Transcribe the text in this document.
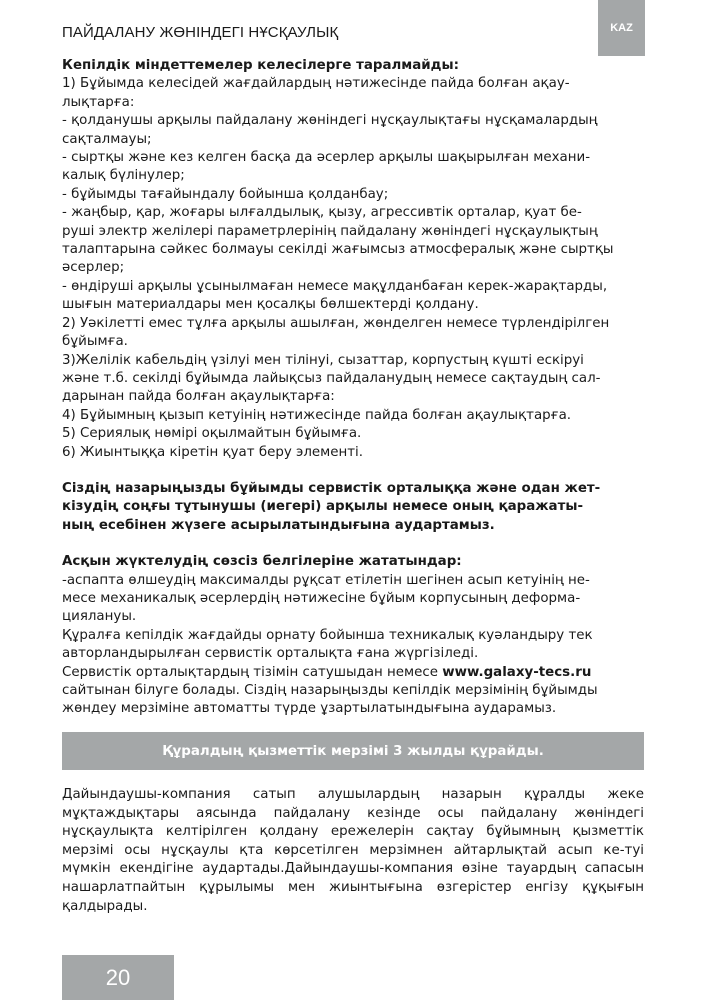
ПАЙДАЛАНУ ЖӨНІНДЕГІ НҰСҚАУЛЫҚ	KAZ

Кепілдік міндеттемелер келесілерге таралмайды:

1) Бұйымда келесідей жағдайлардың нәтижесінде пайда болған ақау-

лықтарға:

- қолданушы арқылы пайдалану жөніндегі нұсқаулықтағы нұсқамалардың

сақталмауы;

- сыртқы және кез келген басқа да әсерлер арқылы шақырылған механи-

калық бүлінулер;

- бұйымды тағайындалу бойынша қолданбау;

- жаңбыр, қар, жоғары ылғалдылық, қызу, агрессивтік орталар, қуат бе-

руші электр желілері параметрлерінің пайдалану жөніндегі нұсқаулықтың

талаптарына сәйкес болмауы секілді жағымсыз атмосфералық және сыртқы

әсерлер;

- өндіруші арқылы ұсынылмаған немесе мақұлданбаған керек-жарақтарды,

шығын материалдары мен қосалқы бөлшектерді қолдану.

2) Уәкілетті емес тұлға арқылы ашылған, жөнделген немесе түрлендірілген

бұйымға.

3)Желілік кабельдің үзілуі мен тілінуі, сызаттар, корпустың күшті ескіруі

және т.б. секілді бұйымда лайықсыз пайдаланудың немесе сақтаудың сал-

дарынан пайда болған ақаулықтарға:

4) Бұйымның қызып кетуінің нәтижесінде пайда болған ақаулықтарға.

5) Сериялық нөмірі оқылмайтын бұйымға.

6) Жиынтыққа кіретін қуат беру элементі.

Сіздің назарыңызды бұйымды сервистік орталыққа және одан жет-

кізудің соңғы тұтынушы (иегері) арқылы немесе оның қаражаты-

ның есебінен жүзеге асырылатындығына аудартамыз.

Асқын жүктелудің сөзсіз белгілеріне жататындар:

-аспапта өлшеудің максималды рұқсат етілетін шегінен асып кетуінің не-

месе механикалық әсерлердің нәтижесіне бұйым корпусының деформа-

циялануы.

Құралға кепілдік жағдайды орнату бойынша техникалық куәландыру тек

авторландырылған сервистік орталықта ғана жүргізіледі.

Сервистік орталықтардың тізімін сатушыдан немесе www.galaxy-tecs.ru

сайтынан білуге болады. Сіздің назарыңызды кепілдік мерзімінің бұйымды

жөндеу мерзіміне автоматты түрде ұзартылатындығына аударамыз.

Құралдың қызметтік мерзімі 3 жылды құрайды.
Дайындаушы-компания сатып алушылардың назарын құралды жеке мұқтаждықтары аясында пайдалану кезінде осы пайдалану жөніндегі нұсқаулықта келтірілген қолдану ережелерін сақтау бұйымның қызметтік мерзімі осы нұсқаулы қта көрсетілген мерзімнен айтарлықтай асып ке-туі мүмкін екендігіне аудартады.Дайындаушы-компания өзіне тауардың сапасын нашарлатпайтын құрылымы мен жиынтығына өзгерістер енгізу құқығын қалдырады.
20
